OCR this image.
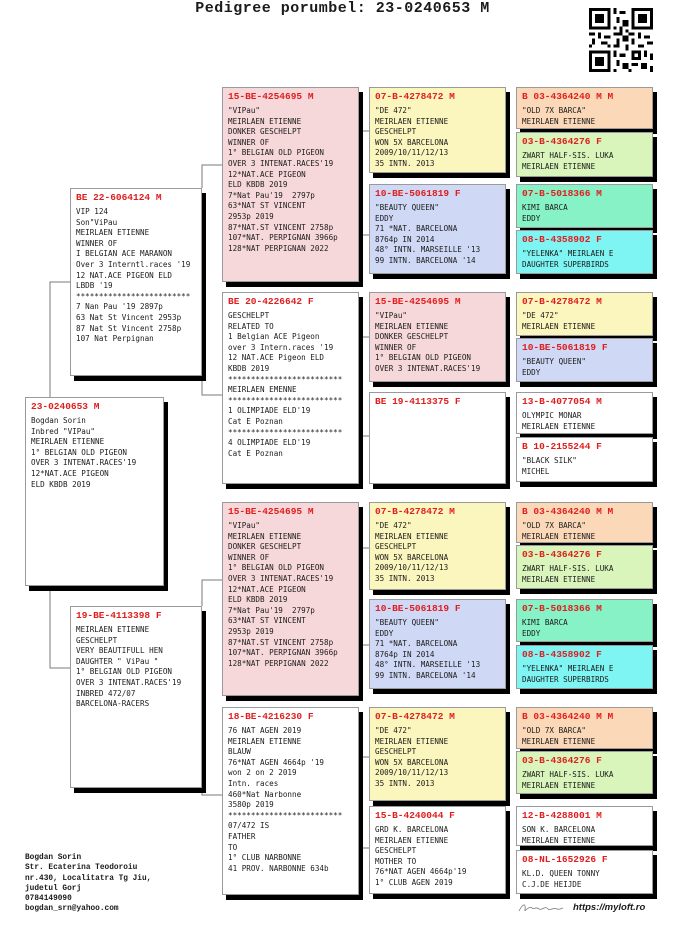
Pedigree porumbel: 23-0240653 M
23-0240653 M
Bogdan Sorin
Inbred "VIPau"
MEIRLAEN ETIENNE
1° BELGIAN OLD PIGEON
OVER 3 INTENAT.RACES'19
12*NAT.ACE PIGEON
ELD KBDB 2019
BE 22-6064124 M
VIP 124
Son"ViPau
MEIRLAEN ETIENNE
WINNER OF
I BELGIAN ACE MARANON
Over 3 Interntl.races '19
12 NAT.ACE PIGEON ELD
LBDB '19
*************************
7 Nan Pau '19 2897p
63 Nat St Vincent 2953p
87 Nat St Vincent 2758p
107 Nat Perpignan
19-BE-4113398 F
MEIRLAEN ETIENNE
GESCHELPT
VERY BEAUTIFULL HEN
DAUGHTER " ViPau "
1° BELGIAN OLD PIGEON
OVER 3 INTENAT.RACES'19
INBRED 472/07
BARCELONA-RACERS
15-BE-4254695 M
"VIPau"
MEIRLAEN ETIENNE
DONKER GESCHELPT
WINNER OF
1° BELGIAN OLD PIGEON
OVER 3 INTENAT.RACES'19
12*NAT.ACE PIGEON
ELD KBDB 2019
7*Nat Pau'19  2797p
63*NAT ST VINCENT
2953p 2019
87*NAT.ST VINCENT 2758p
107*NAT. PERPIGNAN 3966p
128*NAT PERPIGNAN 2022
BE 20-4226642 F
GESCHELPT
RELATED TO
1 Belgian ACE Pigeon
over 3 Intern.races '19
12 NAT.ACE Pigeon ELD
KBDB 2019
*************************
MEIRLAEN EMENNE
*************************
1 OLIMPIADE ELD'19
Cat E Poznan
*************************
4 OLIMPIADE ELD'19
Cat E Poznan
15-BE-4254695 M
"VIPau"
MEIRLAEN ETIENNE
DONKER GESCHELPT
WINNER OF
1° BELGIAN OLD PIGEON
OVER 3 INTENAT.RACES'19
12*NAT.ACE PIGEON
ELD KBDB 2019
7*Nat Pau'19  2797p
63*NAT ST VINCENT
2953p 2019
87*NAT.ST VINCENT 2758p
107*NAT. PERPIGNAN 3966p
128*NAT PERPIGNAN 2022
18-BE-4216230 F
76 NAT AGEN 2019
MEIRLAEN ETIENNE
BLAUW
76*NAT AGEN 4664p '19
won 2 on 2 2019
Intn. races
460*Nat Narbonne
3580p 2019
*************************
07/472 IS
FATHER
TO
1° CLUB NARBONNE
41 PROV. NARBONNE 634b
07-B-4278472 M
"DE 472"
MEIRLAEN ETIENNE
GESCHELPT
WON 5X BARCELONA
2009/10/11/12/13
35 INTN. 2013
10-BE-5061819 F
"BEAUTY QUEEN"
EDDY
71 *NAT. BARCELONA
8764p IN 2014
48° INTN. MARSEILLE '13
99 INTN. BARCELONA '14
15-BE-4254695 M
"VIPau"
MEIRLAEN ETIENNE
DONKER GESCHELPT
WINNER OF
1° BELGIAN OLD PIGEON
OVER 3 INTENAT.RACES'19
BE 19-4113375 F
07-B-4278472 M
"DE 472"
MEIRLAEN ETIENNE
GESCHELPT
WON 5X BARCELONA
2009/10/11/12/13
35 INTN. 2013
10-BE-5061819 F
"BEAUTY QUEEN"
EDDY
71 *NAT. BARCELONA
8764p IN 2014
48° INTN. MARSEILLE '13
99 INTN. BARCELONA '14
07-B-4278472 M
"DE 472"
MEIRLAEN ETIENNE
GESCHELPT
WON 5X BARCELONA
2009/10/11/12/13
35 INTN. 2013
15-B-4240044 F
GRD K. BARCELONA
MEIRLAEN ETIENNE
GESCHELPT
MOTHER TO
76*NAT AGEN 4664p'19
1° CLUB AGEN 2019
B 03-4364240 M M
"OLD 7X BARCA"
MEIRLAEN ETIENNE
03-B-4364276 F
ZWART HALF-SIS. LUKA
MEIRLAEN ETIENNE
07-B-5018366 M
KIMI BARCA
EDDY
08-B-4358902 F
"YELENKA" MEIRLAEN E
DAUGHTER SUPERBIRDS
07-B-4278472 M
"DE 472"
MEIRLAEN ETIENNE
10-BE-5061819 F
"BEAUTY QUEEN"
EDDY
13-B-4077054 M
OLYMPIC MONAR
MEIRLAEN ETIENNE
B 10-2155244 F
"BLACK SILK"
MICHEL
B 03-4364240 M M
"OLD 7X BARCA"
MEIRLAEN ETIENNE
03-B-4364276 F
ZWART HALF-SIS. LUKA
MEIRLAEN ETIENNE
07-B-5018366 M
KIMI BARCA
EDDY
08-B-4358902 F
"YELENKA" MEIRLAEN E
DAUGHTER SUPERBIRDS
B 03-4364240 M M
"OLD 7X BARCA"
MEIRLAEN ETIENNE
03-B-4364276 F
ZWART HALF-SIS. LUKA
MEIRLAEN ETIENNE
12-B-4288001 M
SON K. BARCELONA
MEIRLAEN ETIENNE
08-NL-1652926 F
KL.D. QUEEN TONNY
C.J.DE HEIJDE
Bogdan Sorin
Str. Ecaterina Teodoroiu
nr.430, Localitatra Tg Jiu,
judetul Gorj
0784149090
bogdan_srn@yahoo.com	https://myloft.ro
